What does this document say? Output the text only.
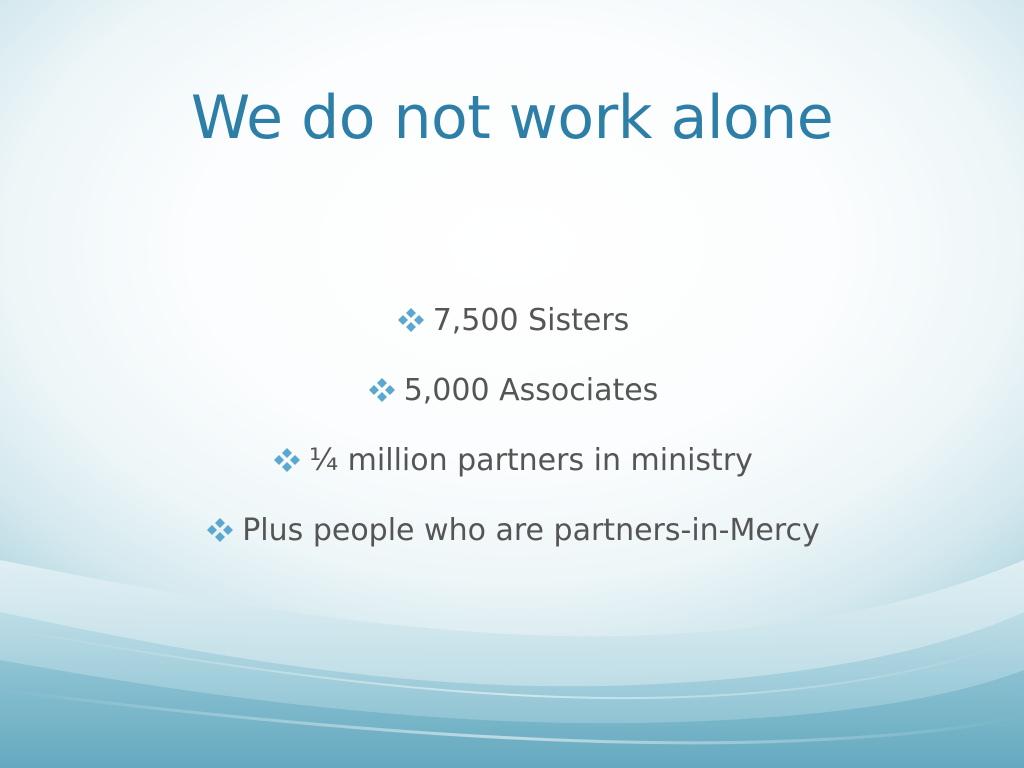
We do not work alone
7,500 Sisters
5,000 Associates
¼ million partners in ministry
Plus people who are partners-in-Mercy
